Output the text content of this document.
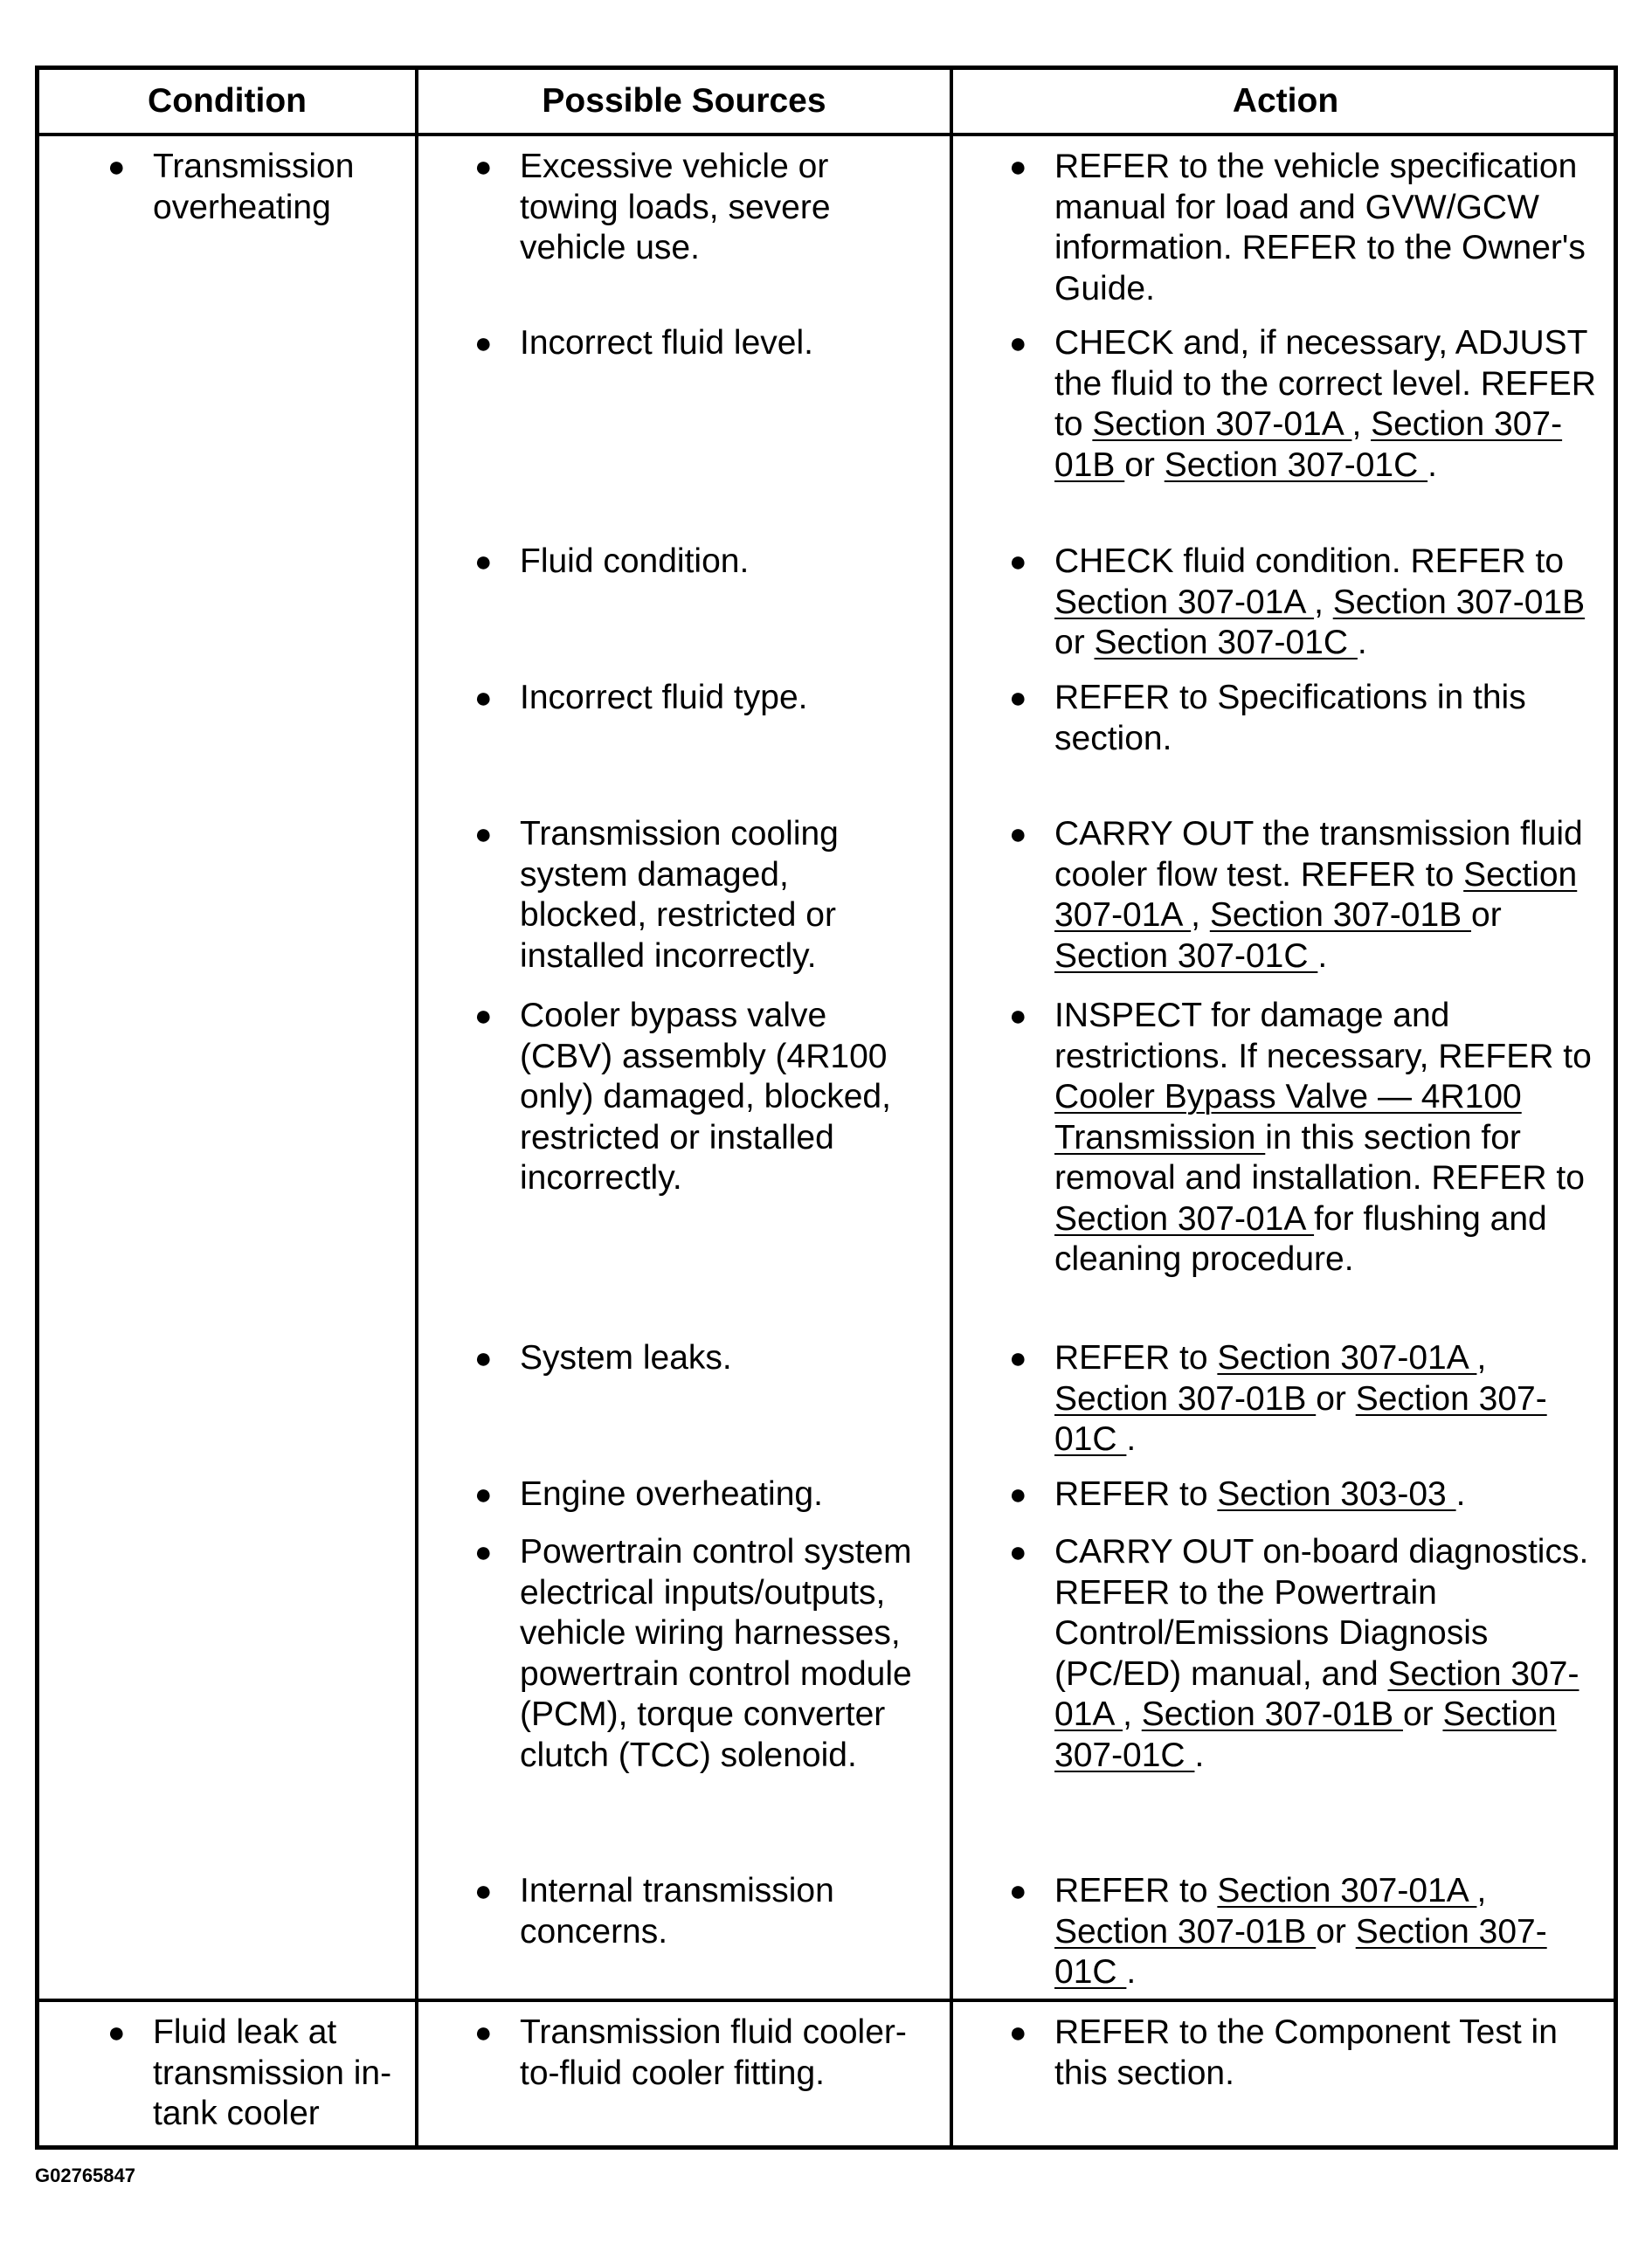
Condition	Possible Sources	Action
● Transmission overheating
● Fluid leak at transmission in-tank cooler
● Excessive vehicle or towing loads, severe vehicle use.
● Incorrect fluid level.
● Fluid condition.
● Incorrect fluid type.
● Transmission cooling system damaged, blocked, restricted or installed incorrectly.
● Cooler bypass valve (CBV) assembly (4R100 only) damaged, blocked, restricted or installed incorrectly.
● System leaks.
● Engine overheating.
● Powertrain control system electrical inputs/outputs, vehicle wiring harnesses, powertrain control module (PCM), torque converter clutch (TCC) solenoid.
● Internal transmission concerns.
● Transmission fluid cooler-to-fluid cooler fitting.
● REFER to the vehicle specification manual for load and GVW/GCW information. REFER to the Owner's Guide.
● CHECK and, if necessary, ADJUST the fluid to the correct level. REFER to Section 307-01A , Section 307-01B or Section 307-01C .
● CHECK fluid condition. REFER to Section 307-01A , Section 307-01B or Section 307-01C .
● REFER to Specifications in this section.
● CARRY OUT the transmission fluid cooler flow test. REFER to Section 307-01A , Section 307-01B or Section 307-01C .
● INSPECT for damage and restrictions. If necessary, REFER to Cooler Bypass Valve — 4R100 Transmission in this section for removal and installation. REFER to Section 307-01A for flushing and cleaning procedure.
● REFER to Section 307-01A , Section 307-01B or Section 307-01C .
● REFER to Section 303-03 .
● CARRY OUT on-board diagnostics. REFER to the Powertrain Control/Emissions Diagnosis (PC/ED) manual, and Section 307-01A , Section 307-01B or Section 307-01C .
● REFER to Section 307-01A , Section 307-01B or Section 307-01C .
● REFER to the Component Test in this section.
G02765847
